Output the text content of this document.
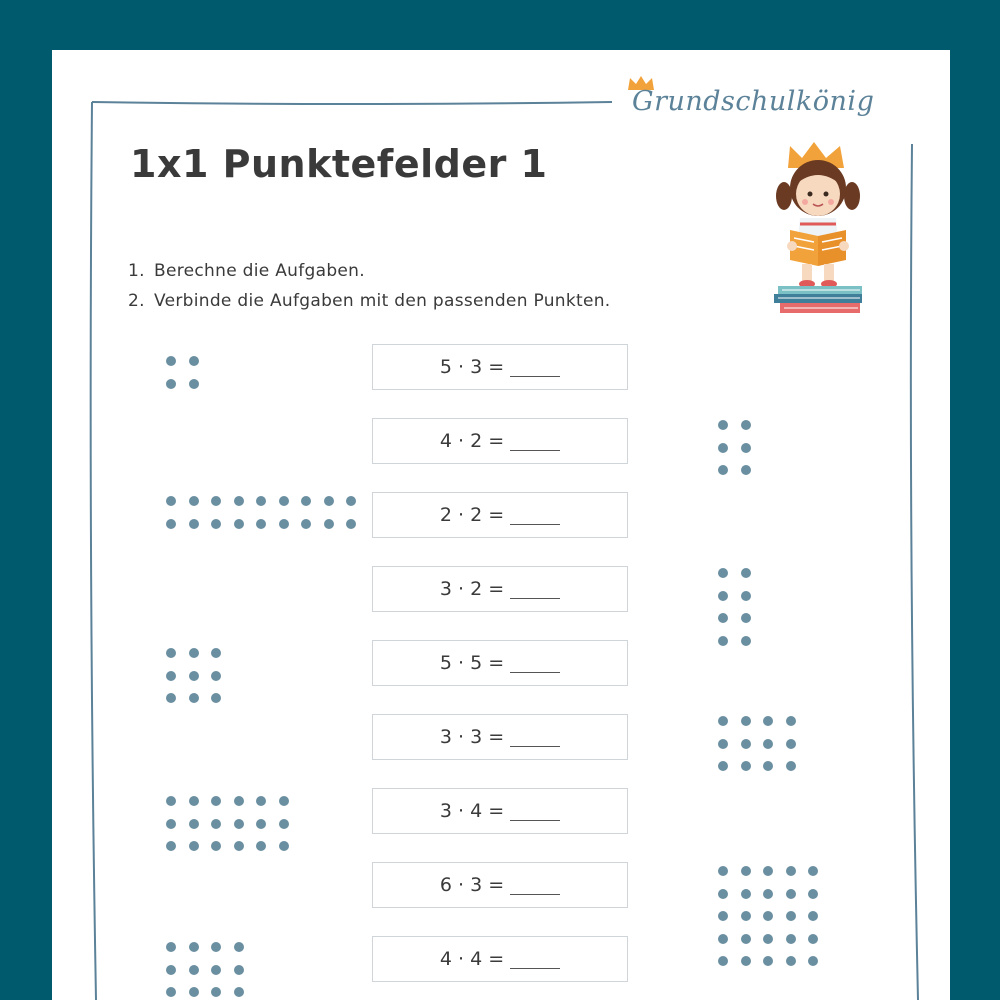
Grundschulkönig
1x1 Punktefelder 1
1. Berechne die Aufgaben.
2. Verbinde die Aufgaben mit den passenden Punkten.
5 · 3 =
4 · 2 =
2 · 2 =
3 · 2 =
5 · 5 =
3 · 3 =
3 · 4 =
6 · 3 =
4 · 4 =
